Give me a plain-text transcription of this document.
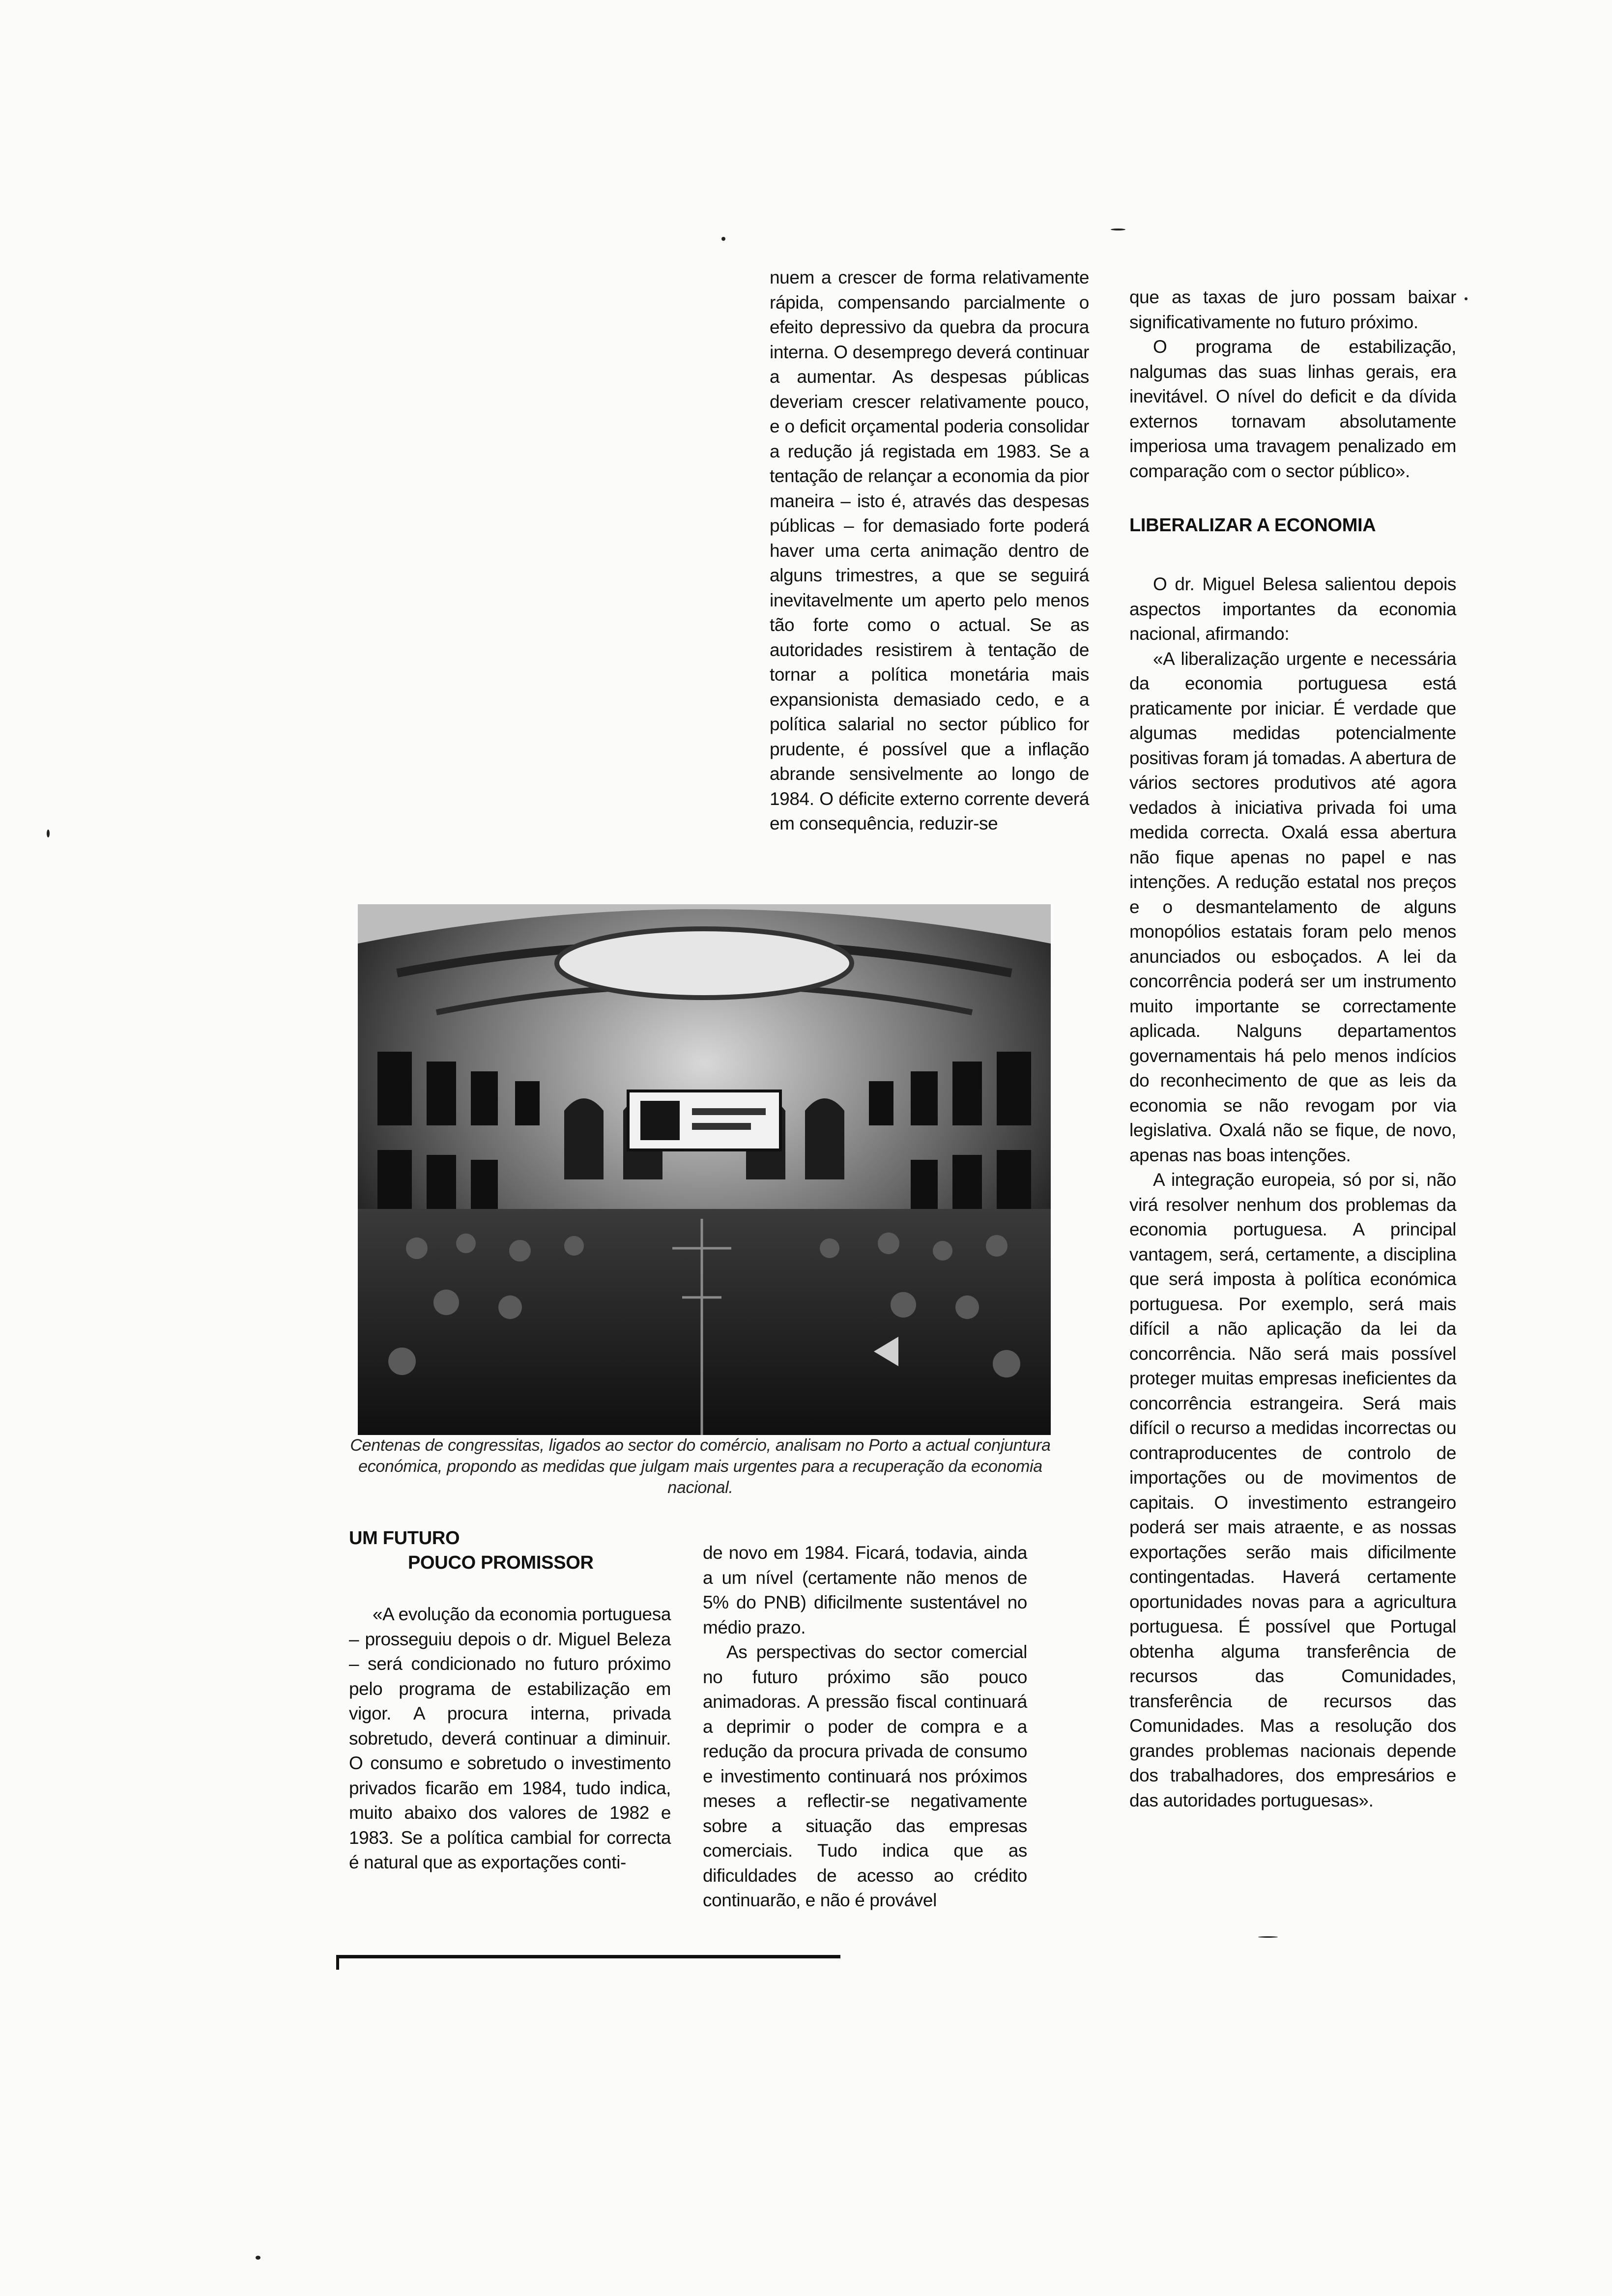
nuem a crescer de forma relativamente rápida, compensando parcialmente o efeito depressivo da quebra da procura interna. O desemprego deverá continuar a aumentar. As despesas públicas deveriam crescer relativamente pouco, e o deficit orçamental poderia consolidar a redução já registada em 1983. Se a tentação de relançar a economia da pior maneira – isto é, através das despesas públicas – for demasiado forte poderá haver uma certa animação dentro de alguns trimestres, a que se seguirá inevitavelmente um aperto pelo menos tão forte como o actual. Se as autoridades resistirem à tentação de tornar a política monetária mais expansionista demasiado cedo, e a política salarial no sector público for prudente, é possível que a inflação abrande sensivelmente ao longo de 1984. O déficite externo corrente deverá em consequência, reduzir-se

que as taxas de juro possam baixar significativamente no futuro próximo.

O programa de estabilização, nalgumas das suas linhas gerais, era inevitável. O nível do deficit e da dívida externos tornavam absolutamente imperiosa uma travagem penalizado em comparação com o sector público».

LIBERALIZAR A ECONOMIA

O dr. Miguel Belesa salientou depois aspectos importantes da economia nacional, afirmando:

«A liberalização urgente e necessária da economia portuguesa está praticamente por iniciar. É verdade que algumas medidas potencialmente positivas foram já tomadas. A abertura de vários sectores produtivos até agora vedados à iniciativa privada foi uma medida correcta. Oxalá essa abertura não fique apenas no papel e nas intenções. A redução estatal nos preços e o desmantelamento de alguns monopólios estatais foram pelo menos anunciados ou esboçados. A lei da concorrência poderá ser um instrumento muito importante se correctamente aplicada. Nalguns departamentos governamentais há pelo menos indícios do reconhecimento de que as leis da economia se não revogam por via legislativa. Oxalá não se fique, de novo, apenas nas boas intenções.

A integração europeia, só por si, não virá resolver nenhum dos problemas da economia portuguesa. A principal vantagem, será, certamente, a disciplina que será imposta à política económica portuguesa. Por exemplo, será mais difícil a não aplicação da lei da concorrência. Não será mais possível proteger muitas empresas ineficientes da concorrência estrangeira. Será mais difícil o recurso a medidas incorrectas ou contraproducentes de controlo de importações ou de movimentos de capitais. O investimento estrangeiro poderá ser mais atraente, e as nossas exportações serão mais dificilmente contingentadas. Haverá certamente oportunidades novas para a agricultura portuguesa. É possível que Portugal obtenha alguma transferência de recursos das Comunidades, transferência de recursos das Comunidades. Mas a resolução dos grandes problemas nacionais depende dos trabalhadores, dos empresários e das autoridades portuguesas».

Centenas de congressitas, ligados ao sector do comércio, analisam no Porto a actual conjuntura económica, propondo as medidas que julgam mais urgentes para a recuperação da economia nacional.
UM FUTURO
POUCO PROMISSOR

«A evolução da economia portuguesa – prosseguiu depois o dr. Miguel Beleza – será condicionado no futuro próximo pelo programa de estabilização em vigor. A procura interna, privada sobretudo, deverá continuar a diminuir. O consumo e sobretudo o investimento privados ficarão em 1984, tudo indica, muito abaixo dos valores de 1982 e 1983. Se a política cambial for correcta é natural que as exportações conti-

de novo em 1984. Ficará, todavia, ainda a um nível (certamente não menos de 5% do PNB) dificilmente sustentável no médio prazo.

As perspectivas do sector comercial no futuro próximo são pouco animadoras. A pressão fiscal continuará a deprimir o poder de compra e a redução da procura privada de consumo e investimento continuará nos próximos meses a reflectir-se negativamente sobre a situação das empresas comerciais. Tudo indica que as dificuldades de acesso ao crédito continuarão, e não é provável
